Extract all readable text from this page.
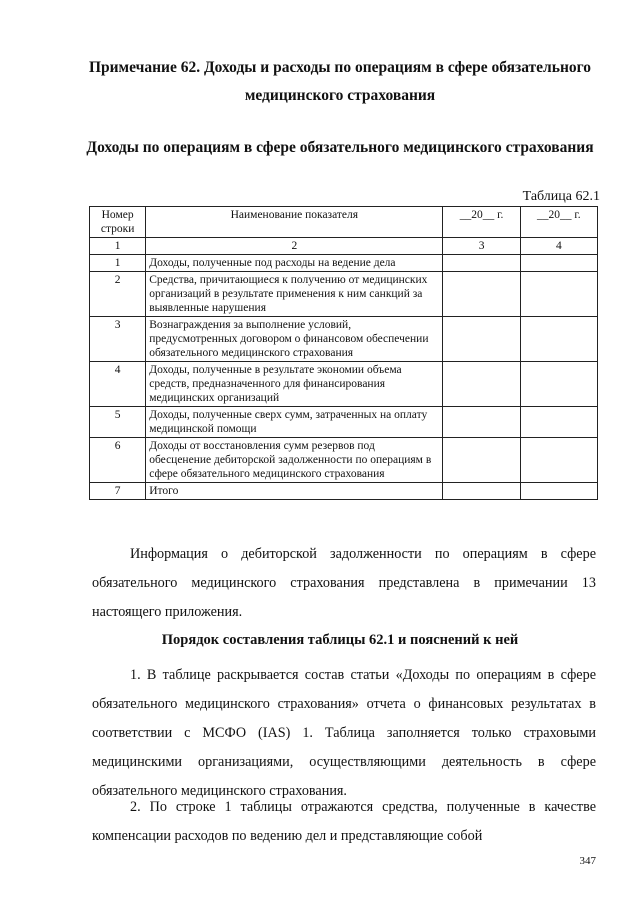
Примечание 62. Доходы и расходы по операциям в сфере обязательного медицинского страхования
Доходы по операциям в сфере обязательного медицинского страхования
Таблица 62.1
Номер строки	Наименование показателя	__20__ г.	__20__ г.
1	2	3	4
1	Доходы, полученные под расходы на ведение дела		
2	Средства, причитающиеся к получению от медицинских организаций в результате применения к ним санкций за выявленные нарушения		
3	Вознаграждения за выполнение условий, предусмотренных договором о финансовом обеспечении обязательного медицинского страхования		
4	Доходы, полученные в результате экономии объема средств, предназначенного для финансирования медицинских организаций		
5	Доходы, полученные сверх сумм, затраченных на оплату медицинской помощи		
6	Доходы от восстановления сумм резервов под обесценение дебиторской задолженности по операциям в сфере обязательного медицинского страхования		
7	Итого		
Информация о дебиторской задолженности по операциям в сфере обязательного медицинского страхования представлена в примечании 13 настоящего приложения.
Порядок составления таблицы 62.1 и пояснений к ней
1. В таблице раскрывается состав статьи «Доходы по операциям в сфере обязательного медицинского страхования» отчета о финансовых результатах в соответствии с МСФО (IAS) 1. Таблица заполняется только страховыми медицинскими организациями, осуществляющими деятельность в сфере обязательного медицинского страхования.
2. По строке 1 таблицы отражаются средства, полученные в качестве компенсации расходов по ведению дел и представляющие собой
347
